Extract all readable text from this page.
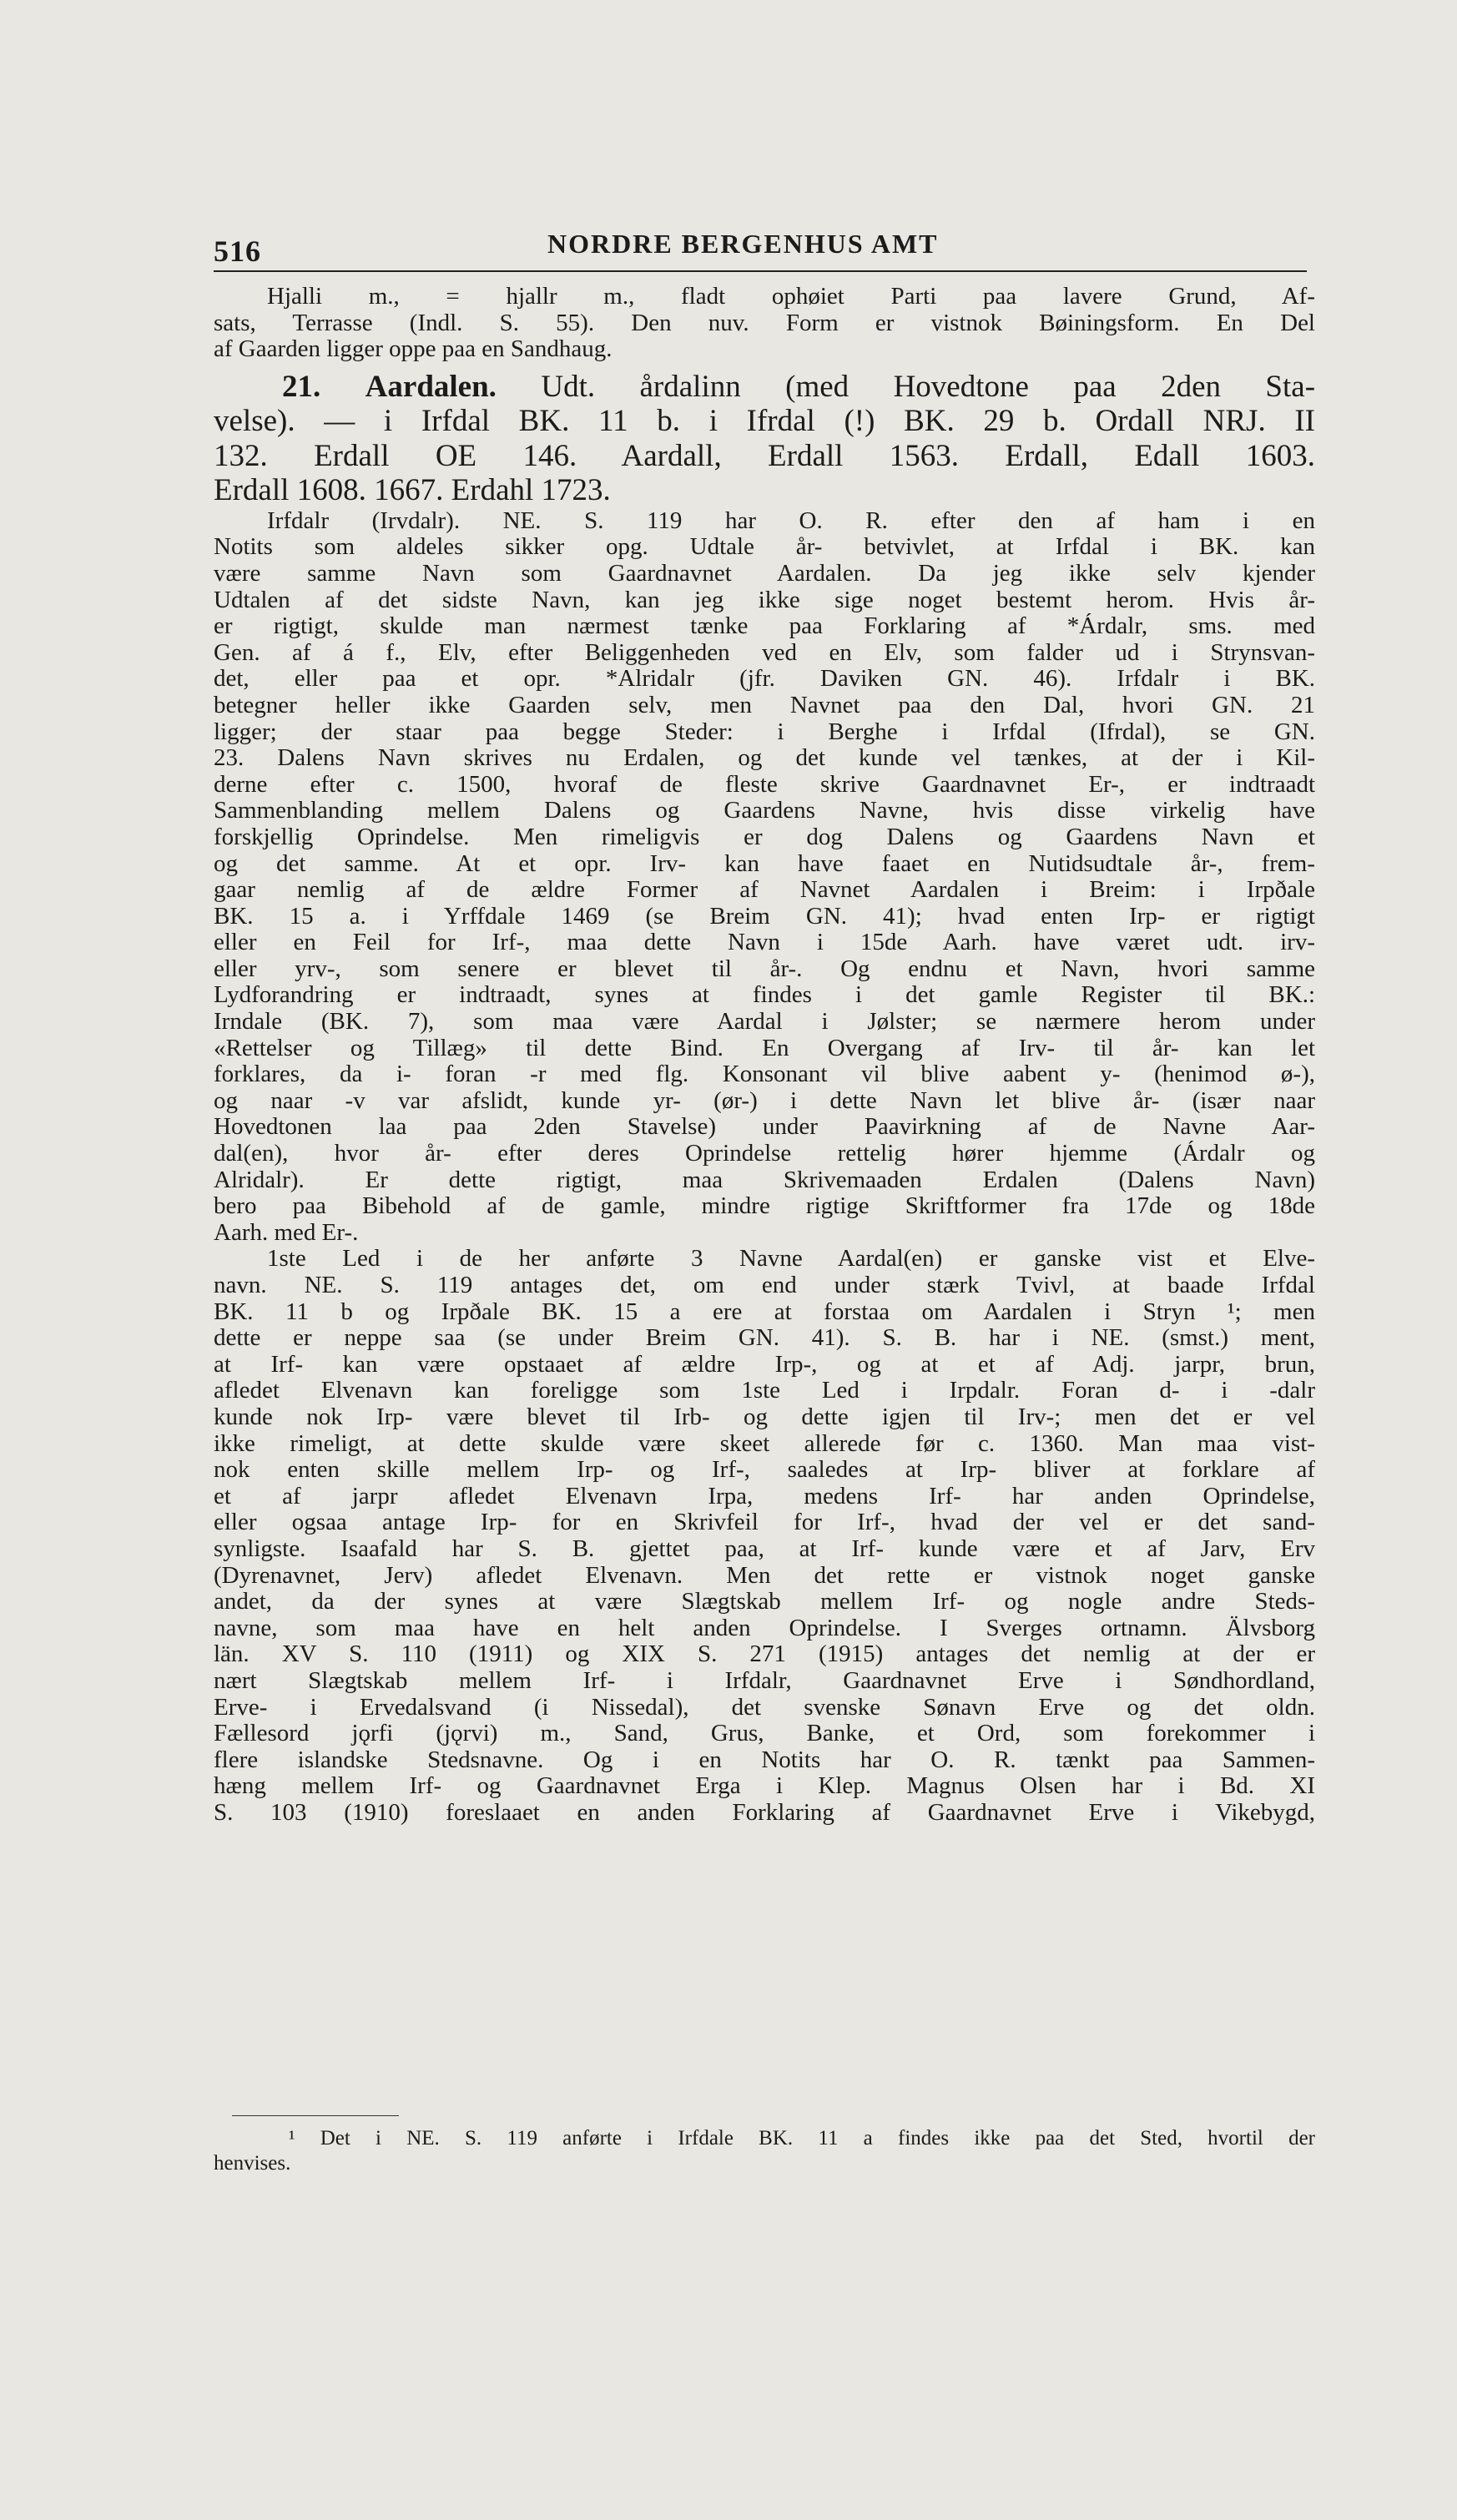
516	NORDRE BERGENHUS AMT
Hjalli m., = hjallr m., fladt ophøiet Parti paa lavere Grund, Af-
sats, Terrasse (Indl. S. 55). Den nuv. Form er vistnok Bøiningsform. En Del
af Gaarden ligger oppe paa en Sandhaug.
21. Aardalen. Udt. årdalinn (med Hovedtone paa 2den Sta-
velse). — i Irfdal BK. 11 b. i Ifrdal (!) BK. 29 b. Ordall NRJ. II
132. Erdall OE 146. Aardall, Erdall 1563. Erdall, Edall 1603.
Erdall 1608. 1667. Erdahl 1723.
Irfdalr (Irvdalr). NE. S. 119 har O. R. efter den af ham i en
Notits som aldeles sikker opg. Udtale år- betvivlet, at Irfdal i BK. kan
være samme Navn som Gaardnavnet Aardalen. Da jeg ikke selv kjender
Udtalen af det sidste Navn, kan jeg ikke sige noget bestemt herom. Hvis år-
er rigtigt, skulde man nærmest tænke paa Forklaring af *Árdalr, sms. med
Gen. af á f., Elv, efter Beliggenheden ved en Elv, som falder ud i Strynsvan-
det, eller paa et opr. *Alridalr (jfr. Daviken GN. 46). Irfdalr i BK.
betegner heller ikke Gaarden selv, men Navnet paa den Dal, hvori GN. 21
ligger; der staar paa begge Steder: i Berghe i Irfdal (Ifrdal), se GN.
23. Dalens Navn skrives nu Erdalen, og det kunde vel tænkes, at der i Kil-
derne efter c. 1500, hvoraf de fleste skrive Gaardnavnet Er-, er indtraadt
Sammenblanding mellem Dalens og Gaardens Navne, hvis disse virkelig have
forskjellig Oprindelse. Men rimeligvis er dog Dalens og Gaardens Navn et
og det samme. At et opr. Irv- kan have faaet en Nutidsudtale år-, frem-
gaar nemlig af de ældre Former af Navnet Aardalen i Breim: i Irpðale
BK. 15 a. i Yrffdale 1469 (se Breim GN. 41); hvad enten Irp- er rigtigt
eller en Feil for Irf-, maa dette Navn i 15de Aarh. have været udt. irv-
eller yrv-, som senere er blevet til år-. Og endnu et Navn, hvori samme
Lydforandring er indtraadt, synes at findes i det gamle Register til BK.:
Irndale (BK. 7), som maa være Aardal i Jølster; se nærmere herom under
«Rettelser og Tillæg» til dette Bind. En Overgang af Irv- til år- kan let
forklares, da i- foran -r med flg. Konsonant vil blive aabent y- (henimod ø-),
og naar -v var afslidt, kunde yr- (ør-) i dette Navn let blive år- (især naar
Hovedtonen laa paa 2den Stavelse) under Paavirkning af de Navne Aar-
dal(en), hvor år- efter deres Oprindelse rettelig hører hjemme (Árdalr og
Alridalr). Er dette rigtigt, maa Skrivemaaden Erdalen (Dalens Navn)
bero paa Bibehold af de gamle, mindre rigtige Skriftformer fra 17de og 18de
Aarh. med Er-.
1ste Led i de her anførte 3 Navne Aardal(en) er ganske vist et Elve-
navn. NE. S. 119 antages det, om end under stærk Tvivl, at baade Irfdal
BK. 11 b og Irpðale BK. 15 a ere at forstaa om Aardalen i Stryn ¹; men
dette er neppe saa (se under Breim GN. 41). S. B. har i NE. (smst.) ment,
at Irf- kan være opstaaet af ældre Irp-, og at et af Adj. jarpr, brun,
afledet Elvenavn kan foreligge som 1ste Led i Irpdalr. Foran d- i -dalr
kunde nok Irp- være blevet til Irb- og dette igjen til Irv-; men det er vel
ikke rimeligt, at dette skulde være skeet allerede før c. 1360. Man maa vist-
nok enten skille mellem Irp- og Irf-, saaledes at Irp- bliver at forklare af
et af jarpr afledet Elvenavn Irpa, medens Irf- har anden Oprindelse,
eller ogsaa antage Irp- for en Skrivfeil for Irf-, hvad der vel er det sand-
synligste. Isaafald har S. B. gjettet paa, at Irf- kunde være et af Jarv, Erv
(Dyrenavnet, Jerv) afledet Elvenavn. Men det rette er vistnok noget ganske
andet, da der synes at være Slægtskab mellem Irf- og nogle andre Steds-
navne, som maa have en helt anden Oprindelse. I Sverges ortnamn. Älvsborg
län. XV S. 110 (1911) og XIX S. 271 (1915) antages det nemlig at der er
nært Slægtskab mellem Irf- i Irfdalr, Gaardnavnet Erve i Søndhordland,
Erve- i Ervedalsvand (i Nissedal), det svenske Sønavn Erve og det oldn.
Fællesord jǫrfi (jǫrvi) m., Sand, Grus, Banke, et Ord, som forekommer i
flere islandske Stedsnavne. Og i en Notits har O. R. tænkt paa Sammen-
hæng mellem Irf- og Gaardnavnet Erga i Klep. Magnus Olsen har i Bd. XI
S. 103 (1910) foreslaaet en anden Forklaring af Gaardnavnet Erve i Vikebygd,
¹ Det i NE. S. 119 anførte i Irfdale BK. 11 a findes ikke paa det Sted, hvortil der
henvises.
